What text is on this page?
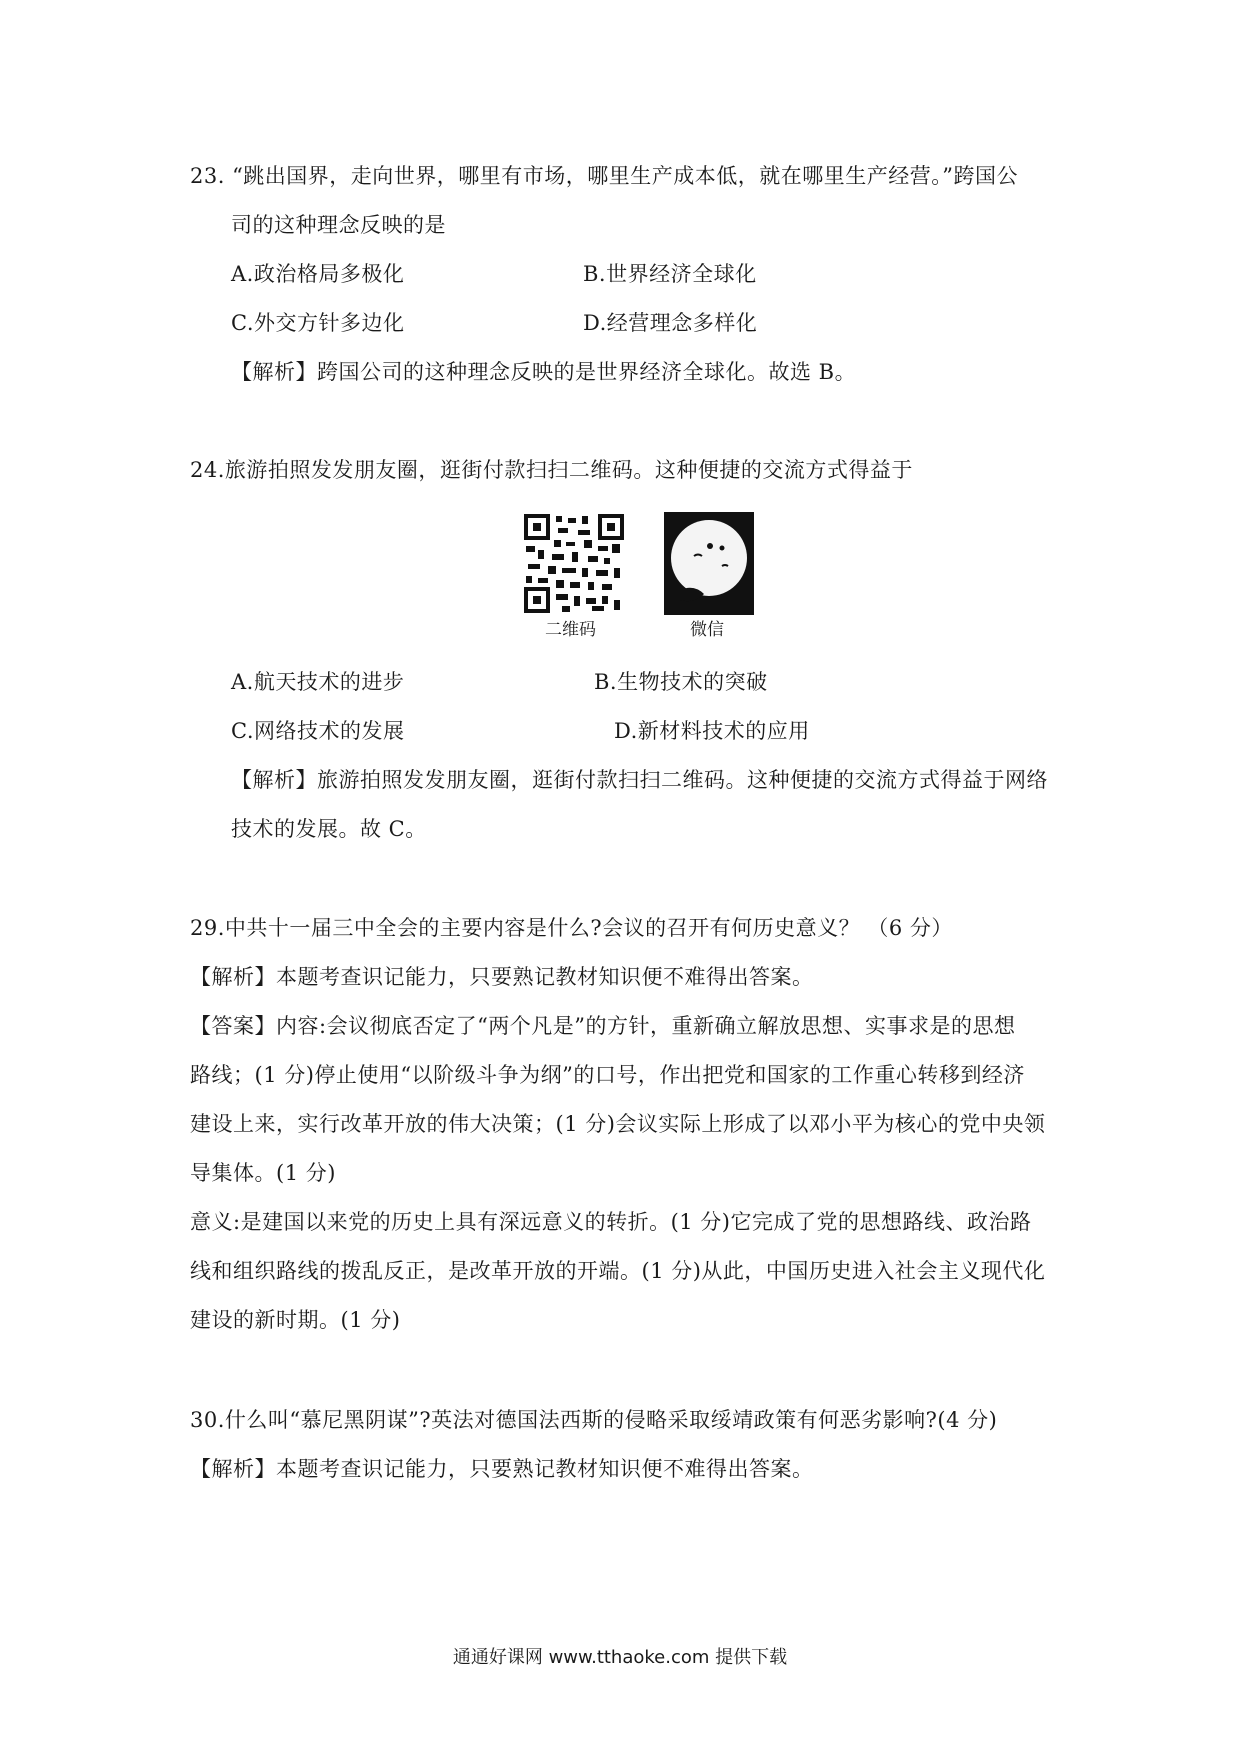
23. “跳出国界，走向世界，哪里有市场，哪里生产成本低，就在哪里生产经营。”跨国公
司的这种理念反映的是
A.政治格局多极化	B.世界经济全球化
C.外交方针多边化	D.经营理念多样化
【解析】跨国公司的这种理念反映的是世界经济全球化。故选 B。
24.旅游拍照发发朋友圈，逛街付款扫扫二维码。这种便捷的交流方式得益于
二维码	微信
A.航天技术的进步	B.生物技术的突破
C.网络技术的发展	D.新材料技术的应用
【解析】旅游拍照发发朋友圈，逛街付款扫扫二维码。这种便捷的交流方式得益于网络
技术的发展。故 C。
29.中共十一届三中全会的主要内容是什么?会议的召开有何历史意义？ （6 分）
【解析】本题考查识记能力，只要熟记教材知识便不难得出答案。
【答案】内容:会议彻底否定了“两个凡是”的方针，重新确立解放思想、实事求是的思想
路线；(1 分)停止使用“以阶级斗争为纲”的口号，作出把党和国家的工作重心转移到经济
建设上来，实行改革开放的伟大决策；(1 分)会议实际上形成了以邓小平为核心的党中央领
导集体。(1 分)
意义:是建国以来党的历史上具有深远意义的转折。(1 分)它完成了党的思想路线、政治路
线和组织路线的拨乱反正，是改革开放的开端。(1 分)从此，中国历史进入社会主义现代化
建设的新时期。(1 分)
30.什么叫“慕尼黑阴谋”?英法对德国法西斯的侵略采取绥靖政策有何恶劣影响?(4 分)
【解析】本题考查识记能力，只要熟记教材知识便不难得出答案。
通通好课网 www.tthaoke.com 提供下载
